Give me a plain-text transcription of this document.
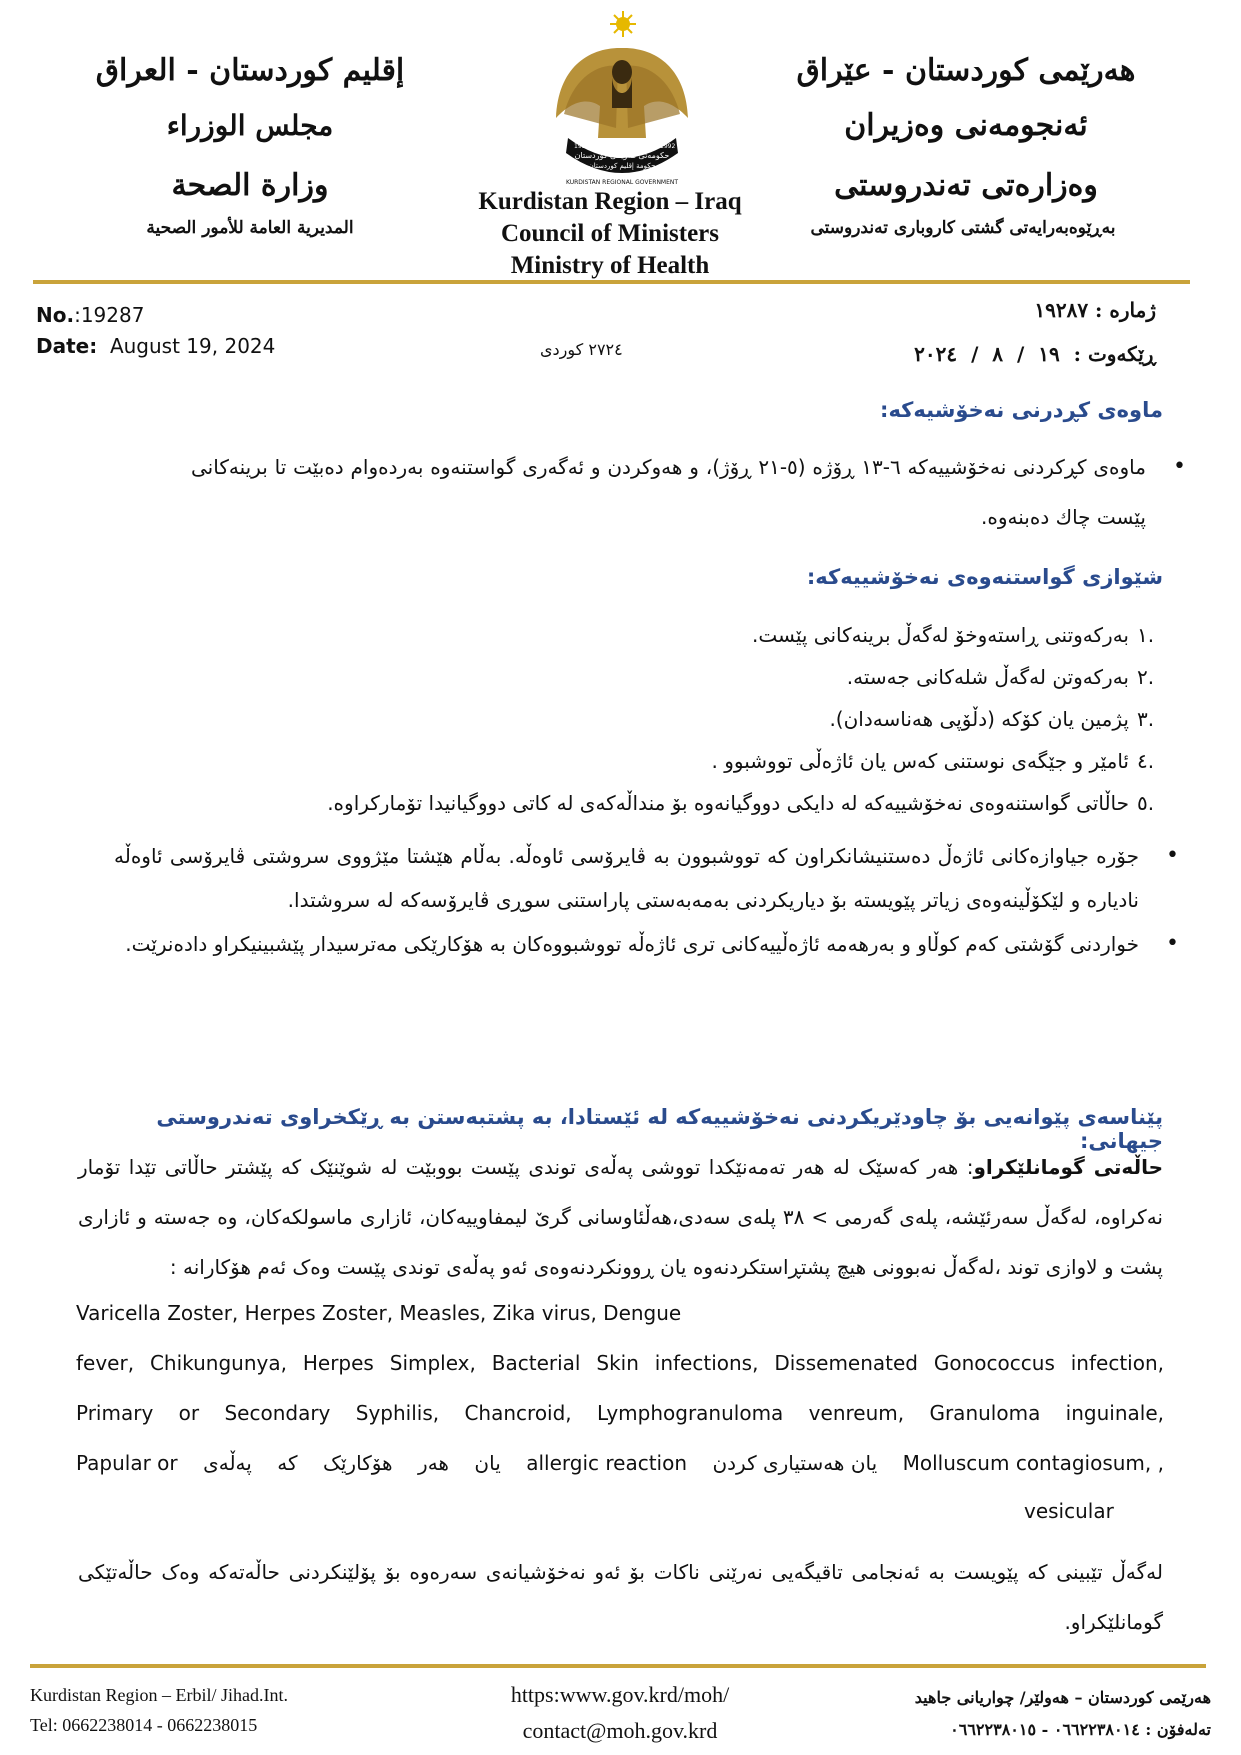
هەرێمی کوردستان - عێراق
ئەنجومەنی وەزیران
وەزارەتی تەندروستی
بەڕێوەبەرایەتی گشتی کاروباری تەندروستی
إقليم كوردستان - العراق
مجلس الوزراء
وزارة الصحة
المديرية العامة للأمور الصحية
حكومەتی هەرێمی کوردستان
حكومة إقليم كوردستان
KURDISTAN REGIONAL GOVERNMENT
1992	1992
Kurdistan Region – Iraq
Council of Ministers
Ministry of Health
No.:19287
Date: August 19, 2024	٢٧٢٤ كوردی
ژمارە : ١٩٢٨٧
ڕێکەوت :  ١٩  /  ٨  /  ٢٠٢٤
ماوەی کڕدرنی نەخۆشیەکە:
• ماوەی کڕکردنی نەخۆشییەکە ٦-١٣ ڕۆژە (٥-٢١ ڕۆژ)، و هەوکردن و ئەگەری گواستنەوە بەردەوام دەبێت تا برینەکانی پێست چاك دەبنەوە.
شێوازی گواستنەوەی نەخۆشییەکە:
.١
بەرکەوتنی ڕاستەوخۆ لەگەڵ برینەکانی پێست.
.٢
بەرکەوتن لەگەڵ شلەکانی جەستە.
.٣
پژمین یان کۆکە (دڵۆپی هەناسەدان).
.٤
ئامێر و جێگەی نوستنی کەس یان ئاژەڵی تووشبوو .
.٥
حاڵاتی گواستنەوەی نەخۆشییەکە لە دایکی دووگیانەوە بۆ منداڵەکەی لە کاتی دووگیانیدا تۆمارکراوە.
• جۆرە جیاوازەکانی ئاژەڵ دەستنیشانکراون کە تووشبوون بە ڤایرۆسی ئاوەڵە. بەڵام هێشتا مێژووی سروشتی ڤایرۆسی ئاوەڵە نادیارە و لێکۆڵینەوەی زیاتر پێویستە بۆ دیاریکردنی بەمەبەستی پاراستنی سوڕی ڤایرۆسەکە لە سروشتدا.
• خواردنی گۆشتی کەم کوڵاو و بەرهەمە ئاژەڵییەکانی تری ئاژەڵە تووشبووەکان بە هۆکارێکی مەترسیدار پێشبینیکراو دادەنرێت.
پێناسەی پێوانەیی بۆ چاودێریکردنی نەخۆشییەکە لە ئێستادا، بە پشتبەستن بە ڕێکخراوی تەندروستی جیهانی:
حاڵەتی گومانلێکراو: هەر کەسێک لە هەر تەمەنێکدا تووشی پەڵەی توندی پێست بووبێت لە شوێنێک کە پێشتر حاڵاتی تێدا تۆمار نەکراوە، لەگەڵ سەرئێشە، پلەی گەرمی > ٣٨ پلەی سەدی،هەڵئاوسانی گرێ لیمفاوییەکان، ئازاری ماسولکەکان، وە جەستە و ئازاری پشت و لاوازی توند ،لەگەڵ نەبوونی هیچ پشتڕاستکردنەوە یان ڕوونکردنەوەی ئەو پەڵەی توندی پێست وەک ئەم هۆکارانە :
Varicella Zoster, Herpes Zoster, Measles, Zika virus, Dengue
fever, Chikungunya, Herpes Simplex, Bacterial Skin infections, Dissemenated Gonococcus infection,
Primary or Secondary Syphilis, Chancroid, Lymphogranuloma venreum, Granuloma inguinale,
Papular or پەڵەی کە هۆکارێک هەر یان allergic reaction یان هەستیاری کردن Molluscum contagiosum, ,
vesicular
لەگەڵ تێبینی کە پێویست بە ئەنجامی تاقیگەیی نەرێنی ناکات بۆ ئەو نەخۆشیانەی سەرەوە بۆ پۆلێنکردنی حاڵەتەکە وەک حاڵەتێکی گومانلێکراو.
Kurdistan Region – Erbil/ Jihad.Int.
Tel: 0662238014 - 0662238015
https:www.gov.krd/moh/
contact@moh.gov.krd
هەرێمی کوردستان – هەولێر/ چواریانی جاهید
تەلەفۆن : ٠٦٦٢٢٣٨٠١٤ - ٠٦٦٢٢٣٨٠١٥
